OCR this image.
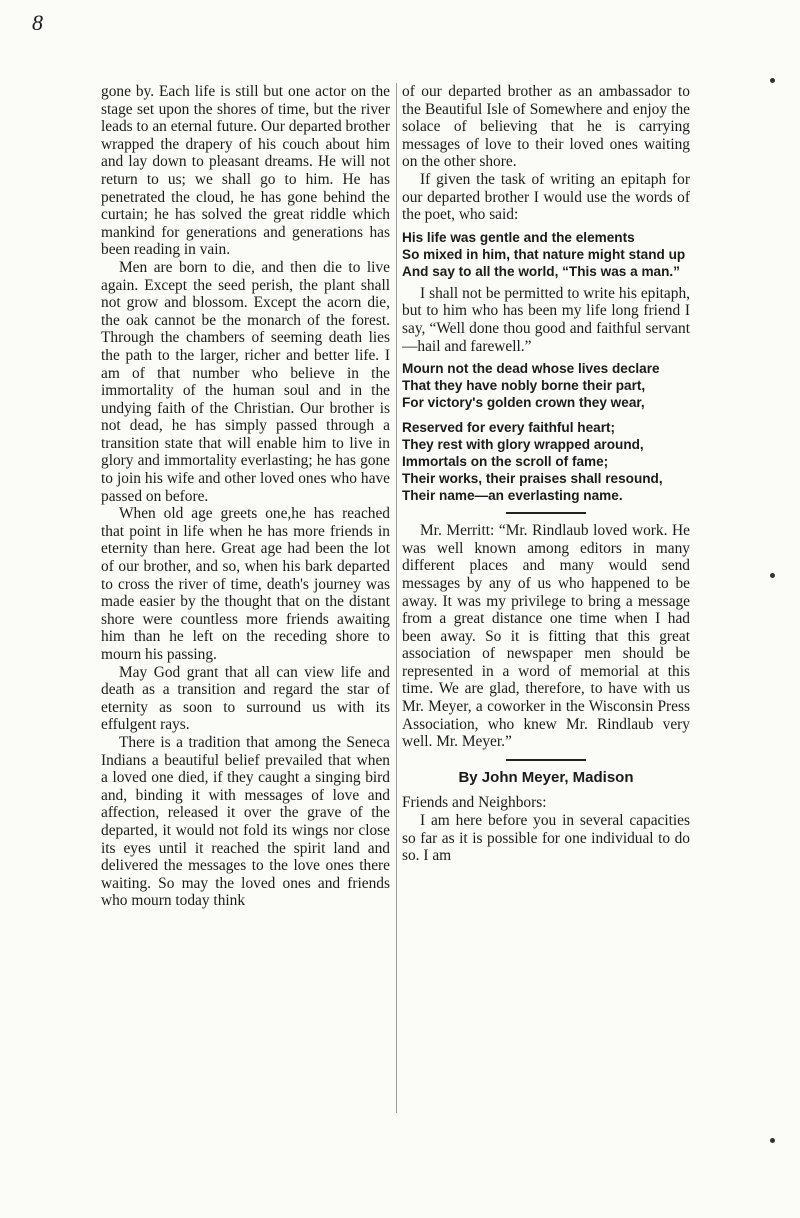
8

gone by. Each life is still but one actor on the stage set upon the shores of time, but the river leads to an eternal future. Our departed brother wrapped the drapery of his couch about him and lay down to pleasant dreams. He will not return to us; we shall go to him. He has penetrated the cloud, he has gone behind the curtain; he has solved the great riddle which mankind for generations and generations has been reading in vain.

Men are born to die, and then die to live again. Except the seed perish, the plant shall not grow and blossom. Except the acorn die, the oak cannot be the monarch of the forest. Through the chambers of seeming death lies the path to the larger, richer and better life. I am of that number who believe in the immortality of the human soul and in the undying faith of the Christian. Our brother is not dead, he has simply passed through a transition state that will enable him to live in glory and immortality everlasting; he has gone to join his wife and other loved ones who have passed on before.

When old age greets one,he has reached that point in life when he has more friends in eternity than here. Great age had been the lot of our brother, and so, when his bark departed to cross the river of time, death's journey was made easier by the thought that on the distant shore were countless more friends awaiting him than he left on the receding shore to mourn his passing.

May God grant that all can view life and death as a transition and regard the star of eternity as soon to surround us with its effulgent rays.

There is a tradition that among the Seneca Indians a beautiful belief prevailed that when a loved one died, if they caught a singing bird and, binding it with messages of love and affection, released it over the grave of the departed, it would not fold its wings nor close its eyes until it reached the spirit land and delivered the messages to the love ones there waiting. So may the loved ones and friends who mourn today think

of our departed brother as an ambassador to the Beautiful Isle of Somewhere and enjoy the solace of believing that he is carrying messages of love to their loved ones waiting on the other shore.

If given the task of writing an epitaph for our departed brother I would use the words of the poet, who said:

His life was gentle and the elements
So mixed in him, that nature might stand up
And say to all the world, “This was a man.”

I shall not be permitted to write his epitaph, but to him who has been my life long friend I say, “Well done thou good and faithful servant—hail and farewell.”

Mourn not the dead whose lives declare
That they have nobly borne their part,
For victory's golden crown they wear,
Reserved for every faithful heart;
They rest with glory wrapped around,
Immortals on the scroll of fame;
Their works, their praises shall resound,
Their name—an everlasting name.

Mr. Merritt: “Mr. Rindlaub loved work. He was well known among editors in many different places and many would send messages by any of us who happened to be away. It was my privilege to bring a message from a great distance one time when I had been away. So it is fitting that this great association of newspaper men should be represented in a word of memorial at this time. We are glad, therefore, to have with us Mr. Meyer, a coworker in the Wisconsin Press Association, who knew Mr. Rindlaub very well. Mr. Meyer.”

By John Meyer, Madison

Friends and Neighbors:

I am here before you in several capacities so far as it is possible for one individual to do so. I am
